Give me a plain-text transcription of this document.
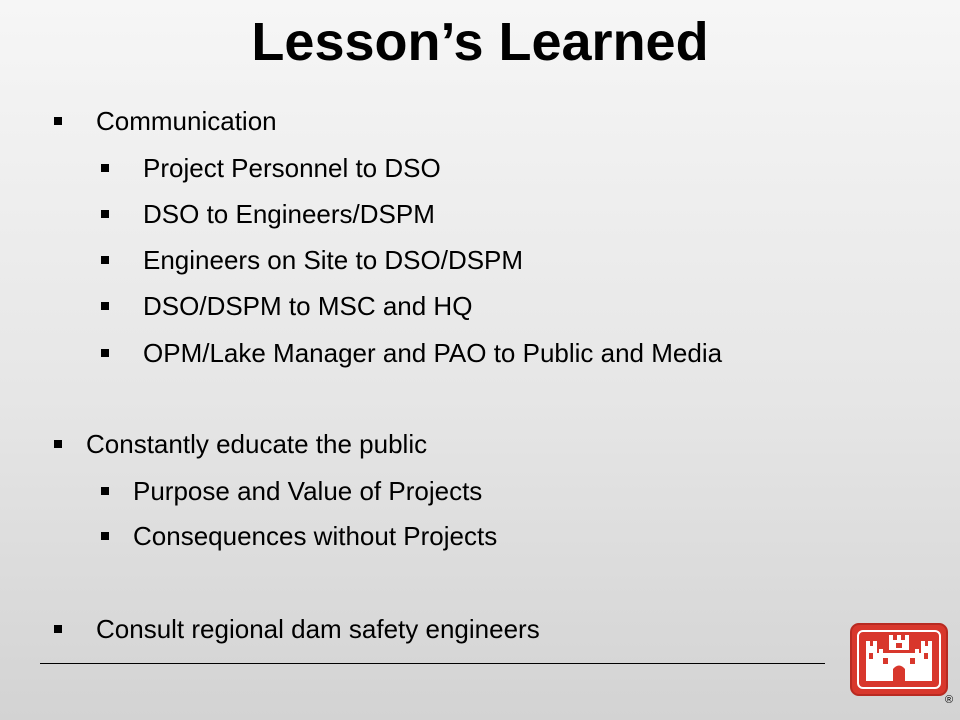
Lesson’s Learned
Communication
Project Personnel to DSO
DSO to Engineers/DSPM
Engineers on Site to DSO/DSPM
DSO/DSPM to MSC and HQ
OPM/Lake Manager and PAO to Public and Media
Constantly educate the public
Purpose and Value of Projects
Consequences without Projects
Consult regional dam safety engineers
®
